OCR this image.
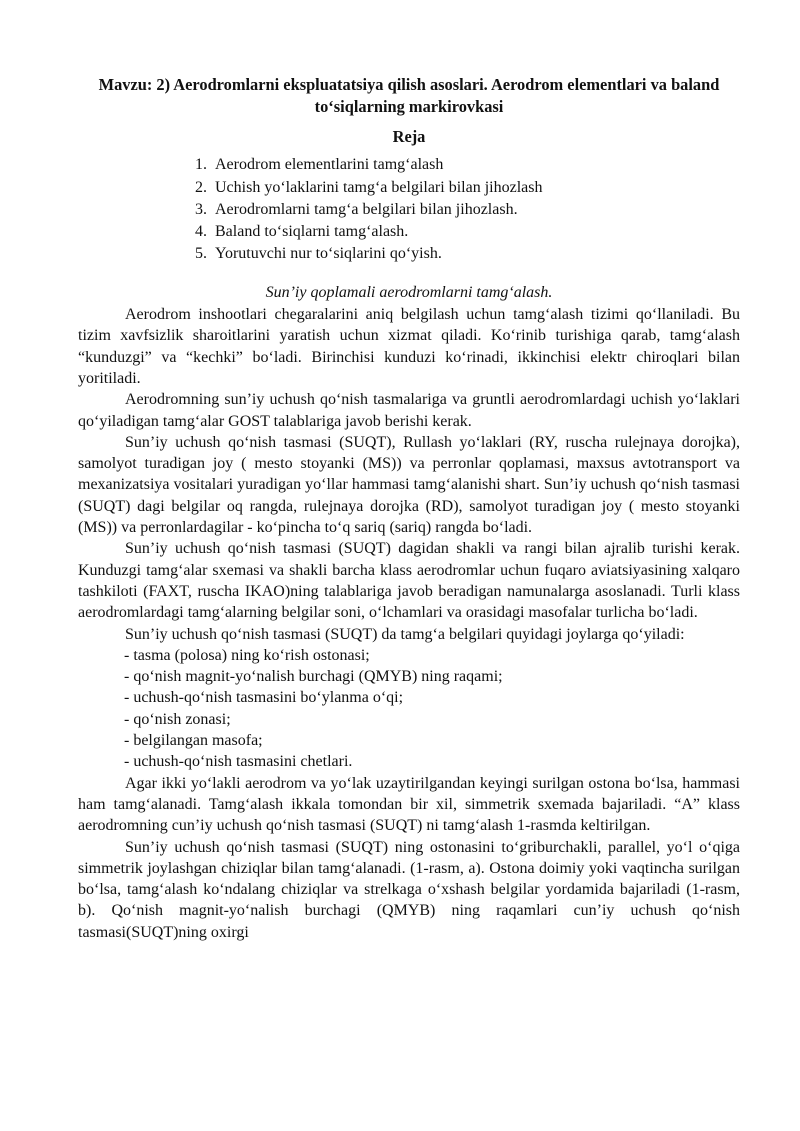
Mavzu: 2) Aerodromlarni ekspluatatsiya qilish asoslari. Aerodrom elementlari va baland to‘siqlarning markirovkasi
Reja
1. Aerodrom elementlarini tamg‘alash
2. Uchish yo‘laklarini tamg‘a belgilari bilan jihozlash
3. Aerodromlarni tamg‘a belgilari bilan jihozlash.
4. Baland to‘siqlarni tamg‘alash.
5. Yorutuvchi nur to‘siqlarini qo‘yish.
Sun’iy qoplamali aerodromlarni tamg‘alash.

Aerodrom inshootlari chegaralarini aniq belgilash uchun tamg‘alash tizimi qo‘llaniladi. Bu tizim xavfsizlik sharoitlarini yaratish uchun xizmat qiladi. Ko‘rinib turishiga qarab, tamg‘alash “kunduzgi” va “kechki” bo‘ladi. Birinchisi kunduzi ko‘rinadi, ikkinchisi elektr chiroqlari bilan yoritiladi.

Aerodromning sun’iy uchush qo‘nish tasmalariga va gruntli aerodromlardagi uchish yo‘laklari qo‘yiladigan tamg‘alar GOST talablariga javob berishi kerak.

Sun’iy uchush qo‘nish tasmasi (SUQT), Rullash yo‘laklari (RY, ruscha rulejnaya dorojka), samolyot turadigan joy ( mesto stoyanki (MS)) va perronlar qoplamasi, maxsus avtotransport va mexanizatsiya vositalari yuradigan yo‘llar hammasi tamg‘alanishi shart. Sun’iy uchush qo‘nish tasmasi (SUQT) dagi belgilar oq rangda, rulejnaya dorojka (RD), samolyot turadigan joy ( mesto stoyanki (MS)) va perronlardagilar - ko‘pincha to‘q sariq (sariq) rangda bo‘ladi.

Sun’iy uchush qo‘nish tasmasi (SUQT) dagidan shakli va rangi bilan ajralib turishi kerak. Kunduzgi tamg‘alar sxemasi va shakli barcha klass aerodromlar uchun fuqaro aviatsiyasining xalqaro tashkiloti (FAXT, ruscha IKAO)ning talablariga javob beradigan namunalarga asoslanadi. Turli klass aerodromlardagi tamg‘alarning belgilar soni, o‘lchamlari va orasidagi masofalar turlicha bo‘ladi.

Sun’iy uchush qo‘nish tasmasi (SUQT) da tamg‘a belgilari quyidagi joylarga qo‘yiladi:

- tasma (polosa) ning ko‘rish ostonasi;
- qo‘nish magnit-yo‘nalish burchagi (QMYB) ning raqami;
- uchush-qo‘nish tasmasini bo‘ylanma o‘qi;
- qo‘nish zonasi;
- belgilangan masofa;
- uchush-qo‘nish tasmasini chetlari.

Agar ikki yo‘lakli aerodrom va yo‘lak uzaytirilgandan keyingi surilgan ostona bo‘lsa, hammasi ham tamg‘alanadi. Tamg‘alash ikkala tomondan bir xil, simmetrik sxemada bajariladi. “A” klass aerodromning cun’iy uchush qo‘nish tasmasi (SUQT) ni tamg‘alash 1-rasmda keltirilgan.

Sun’iy uchush qo‘nish tasmasi (SUQT) ning ostonasini to‘griburchakli, parallel, yo‘l o‘qiga simmetrik joylashgan chiziqlar bilan tamg‘alanadi. (1-rasm, a). Ostona doimiy yoki vaqtincha surilgan bo‘lsa, tamg‘alash ko‘ndalang chiziqlar va strelkaga o‘xshash belgilar yordamida bajariladi (1-rasm, b). Qo‘nish magnit-yo‘nalish burchagi (QMYB) ning raqamlari cun’iy uchush qo‘nish tasmasi(SUQT)ning oxirgi
